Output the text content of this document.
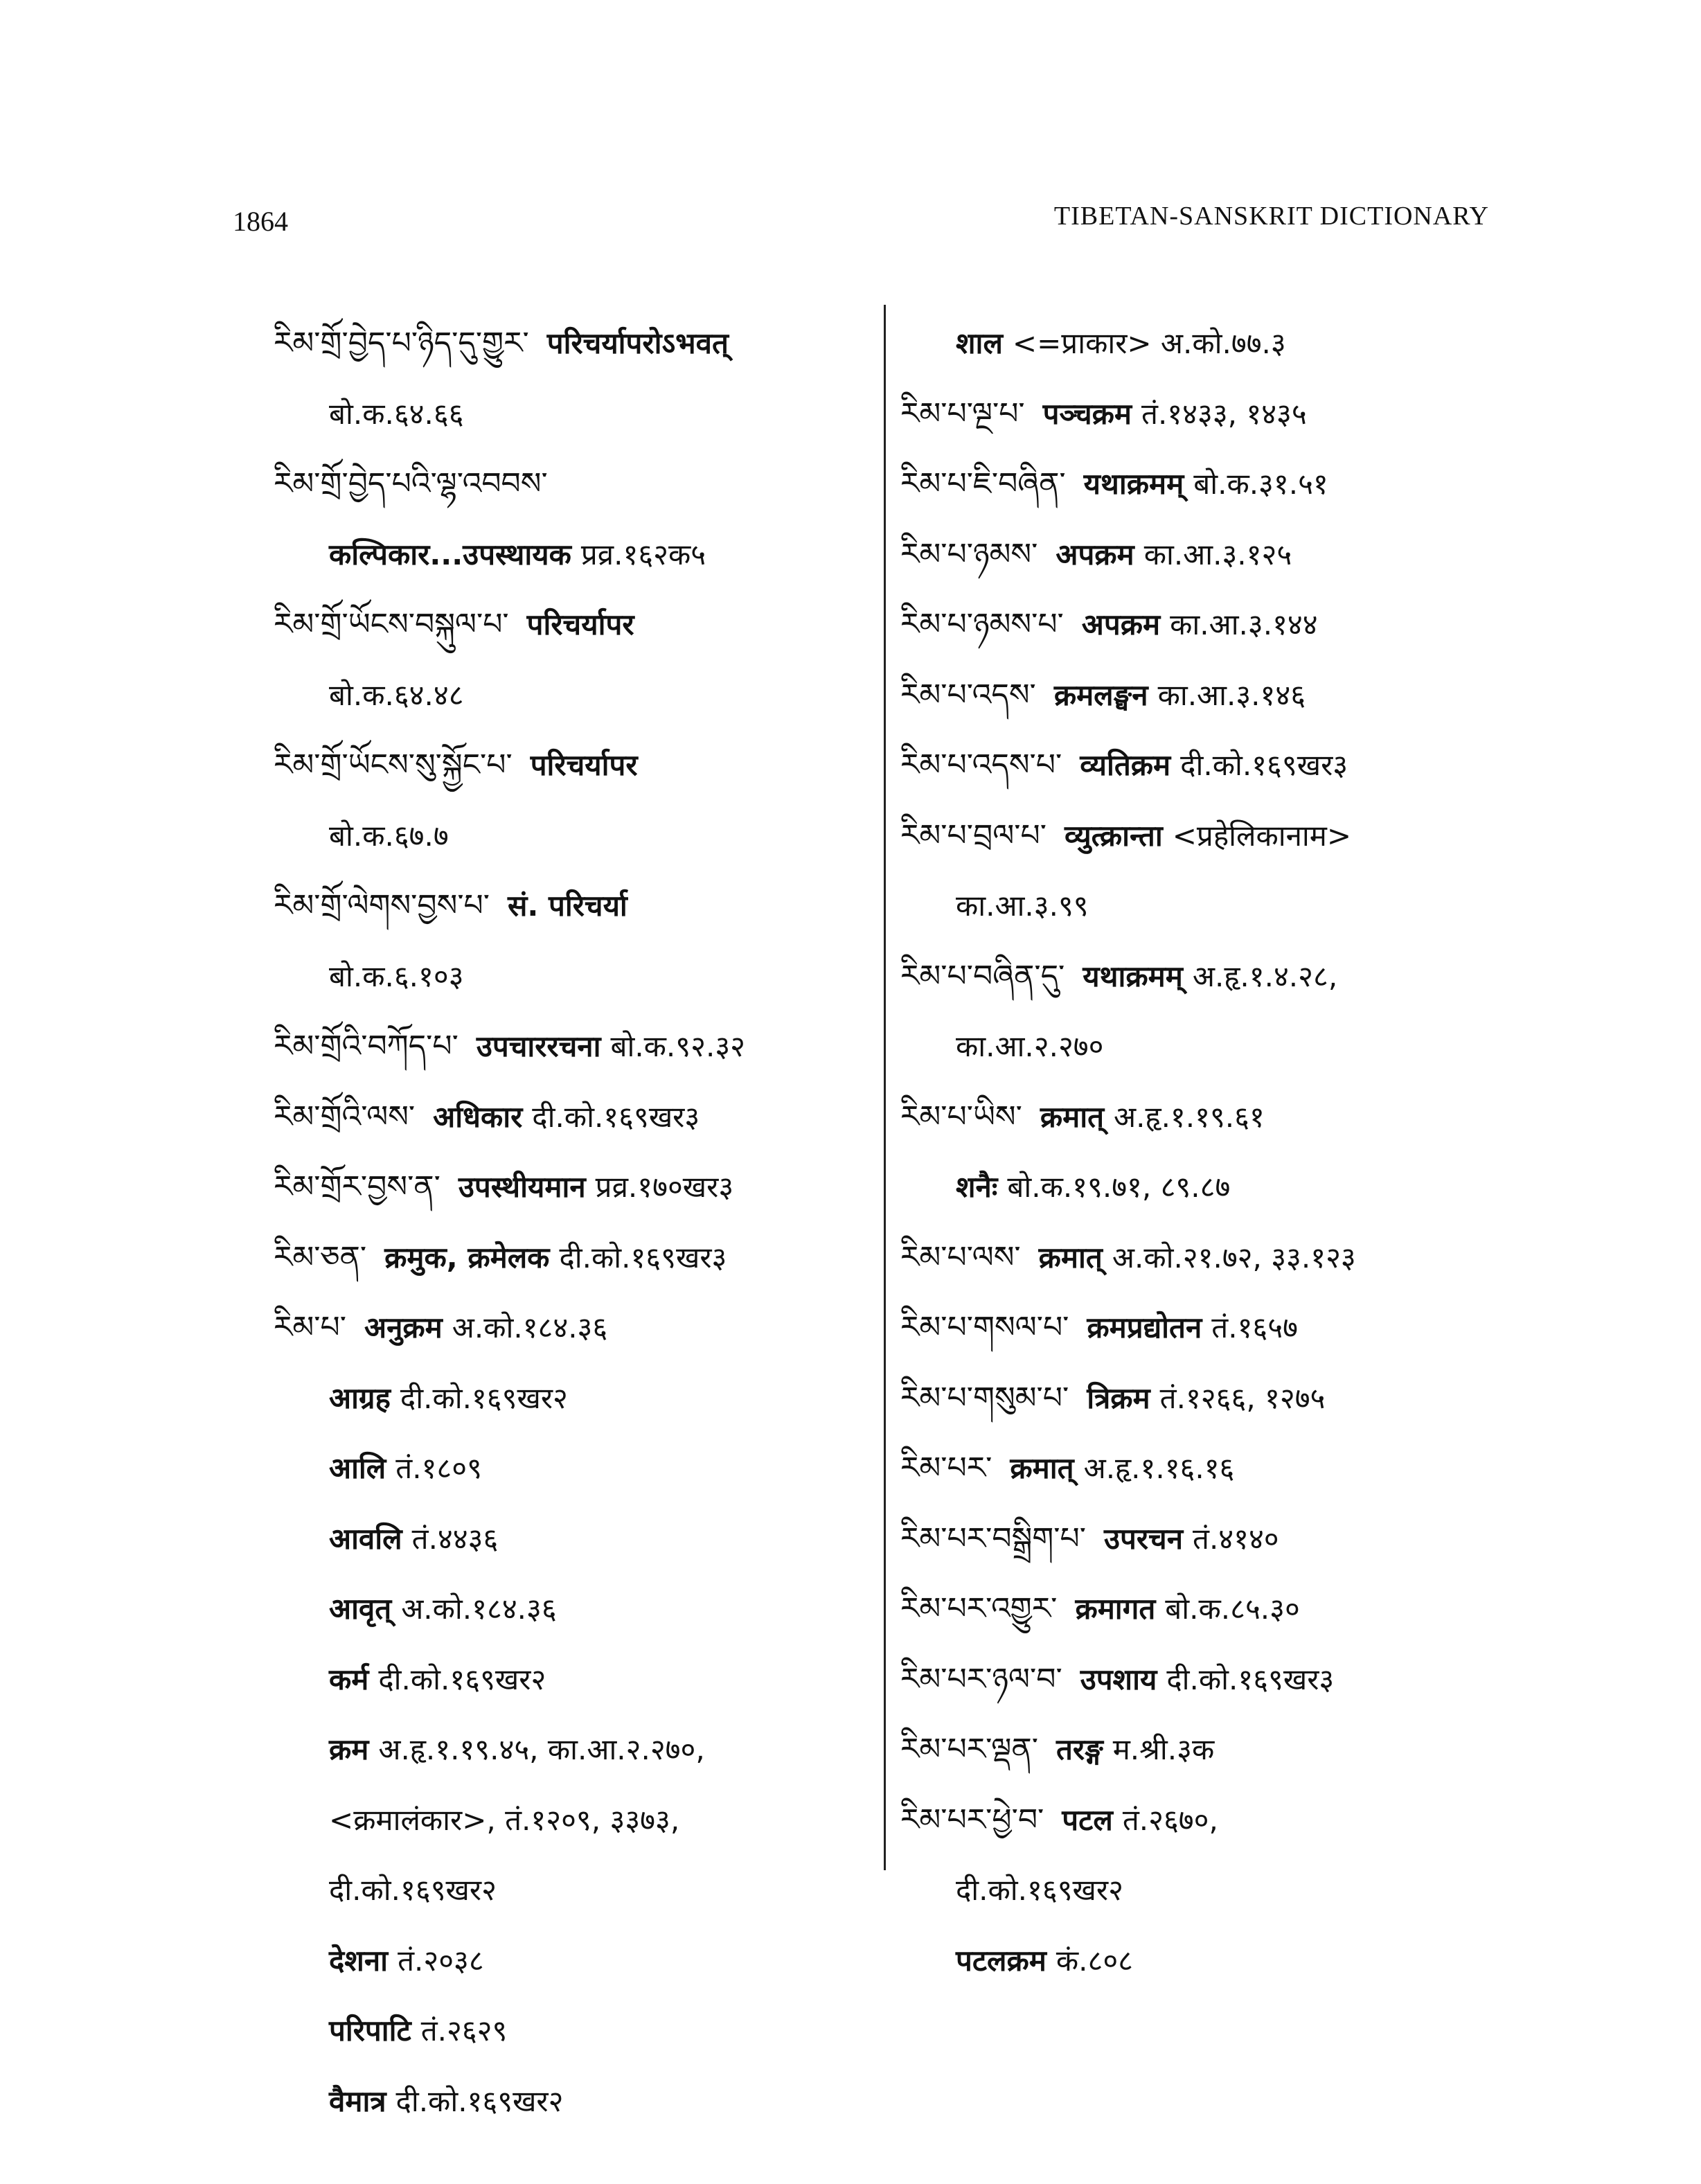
1864	TIBETAN-SANSKRIT DICTIONARY
རིམ་གྲོ་བྱེད་པ་ཉིད་དུ་གྱུར་ परिचर्यापरोऽभवत्
बो.क.६४.६६
རིམ་གྲོ་བྱེད་པའི་ལྷ་འབབས་
कल्पिकार...उपस्थायक प्रव्र.१६२क५
རིམ་གྲོ་ཡོངས་བསྐུལ་པ་ परिचर्यापर
बो.क.६४.४८
རིམ་གྲོ་ཡོངས་སུ་སྐྱོང་པ་ परिचर्यापर
बो.क.६७.७
རིམ་གྲོ་ལེགས་བྱས་པ་ सं. परिचर्या
बो.क.६.१०३
རིམ་གྲོའི་བཀོད་པ་ उपचाररचना बो.क.९२.३२
རིམ་གྲོའི་ལས་ अधिकार दी.को.१६९खर३
རིམ་གྲོར་བྱས་ན་ उपस्थीयमान प्रव्र.१७०खर३
རིམ་ཅན་ क्रमुक, क्रमेलक दी.को.१६९खर३
རིམ་པ་ अनुक्रम अ.को.१८४.३६
आग्रह दी.को.१६९खर२
आलि तं.१८०९
आवलि तं.४४३६
आवृत् अ.को.१८४.३६
कर्म दी.को.१६९खर२
क्रम अ.हृ.१.१९.४५, का.आ.२.२७०,
<क्रमालंकार>, तं.१२०९, ३३७३,
दी.को.१६९खर२
देशना तं.२०३८
परिपाटि तं.२६२९
वैमात्र दी.को.१६९खर२
शाल <=प्राकार> अ.को.७७.३
རིམ་པ་ལྔ་པ་ पञ्चक्रम तं.१४३३, १४३५
རིམ་པ་ཇི་བཞིན་ यथाक्रमम् बो.क.३१.५१
རིམ་པ་ཉམས་ अपक्रम का.आ.३.१२५
རིམ་པ་ཉམས་པ་ अपक्रम का.आ.३.१४४
རིམ་པ་འདས་ क्रमलङ्घन का.आ.३.१४६
རིམ་པ་འདས་པ་ व्यतिक्रम दी.को.१६९खर३
རིམ་པ་བྲལ་པ་ व्युत्क्रान्ता <प्रहेलिकानाम>
का.आ.३.९९
རིམ་པ་བཞིན་དུ་ यथाक्रमम् अ.हृ.१.४.२८,
का.आ.२.२७०
རིམ་པ་ཡིས་ क्रमात् अ.हृ.१.१९.६१
शनैः बो.क.१९.७१, ८९.८७
རིམ་པ་ལས་ क्रमात् अ.को.२१.७२, ३३.१२३
རིམ་པ་གསལ་པ་ क्रमप्रद्योतन तं.१६५७
རིམ་པ་གསུམ་པ་ त्रिक्रम तं.१२६६, १२७५
རིམ་པར་ क्रमात् अ.हृ.१.१६.१६
རིམ་པར་བསྒྲིག་པ་ उपरचन तं.४१४०
རིམ་པར་འགྱུར་ क्रमागत बो.क.८५.३०
རིམ་པར་ཉལ་བ་ उपशाय दी.को.१६९खर३
རིམ་པར་ལྡན་ तरङ्ग म.श्री.३क
རིམ་པར་ཕྱེ་བ་ पटल तं.२६७०,
दी.को.१६९खर२
पटलक्रम कं.८०८
